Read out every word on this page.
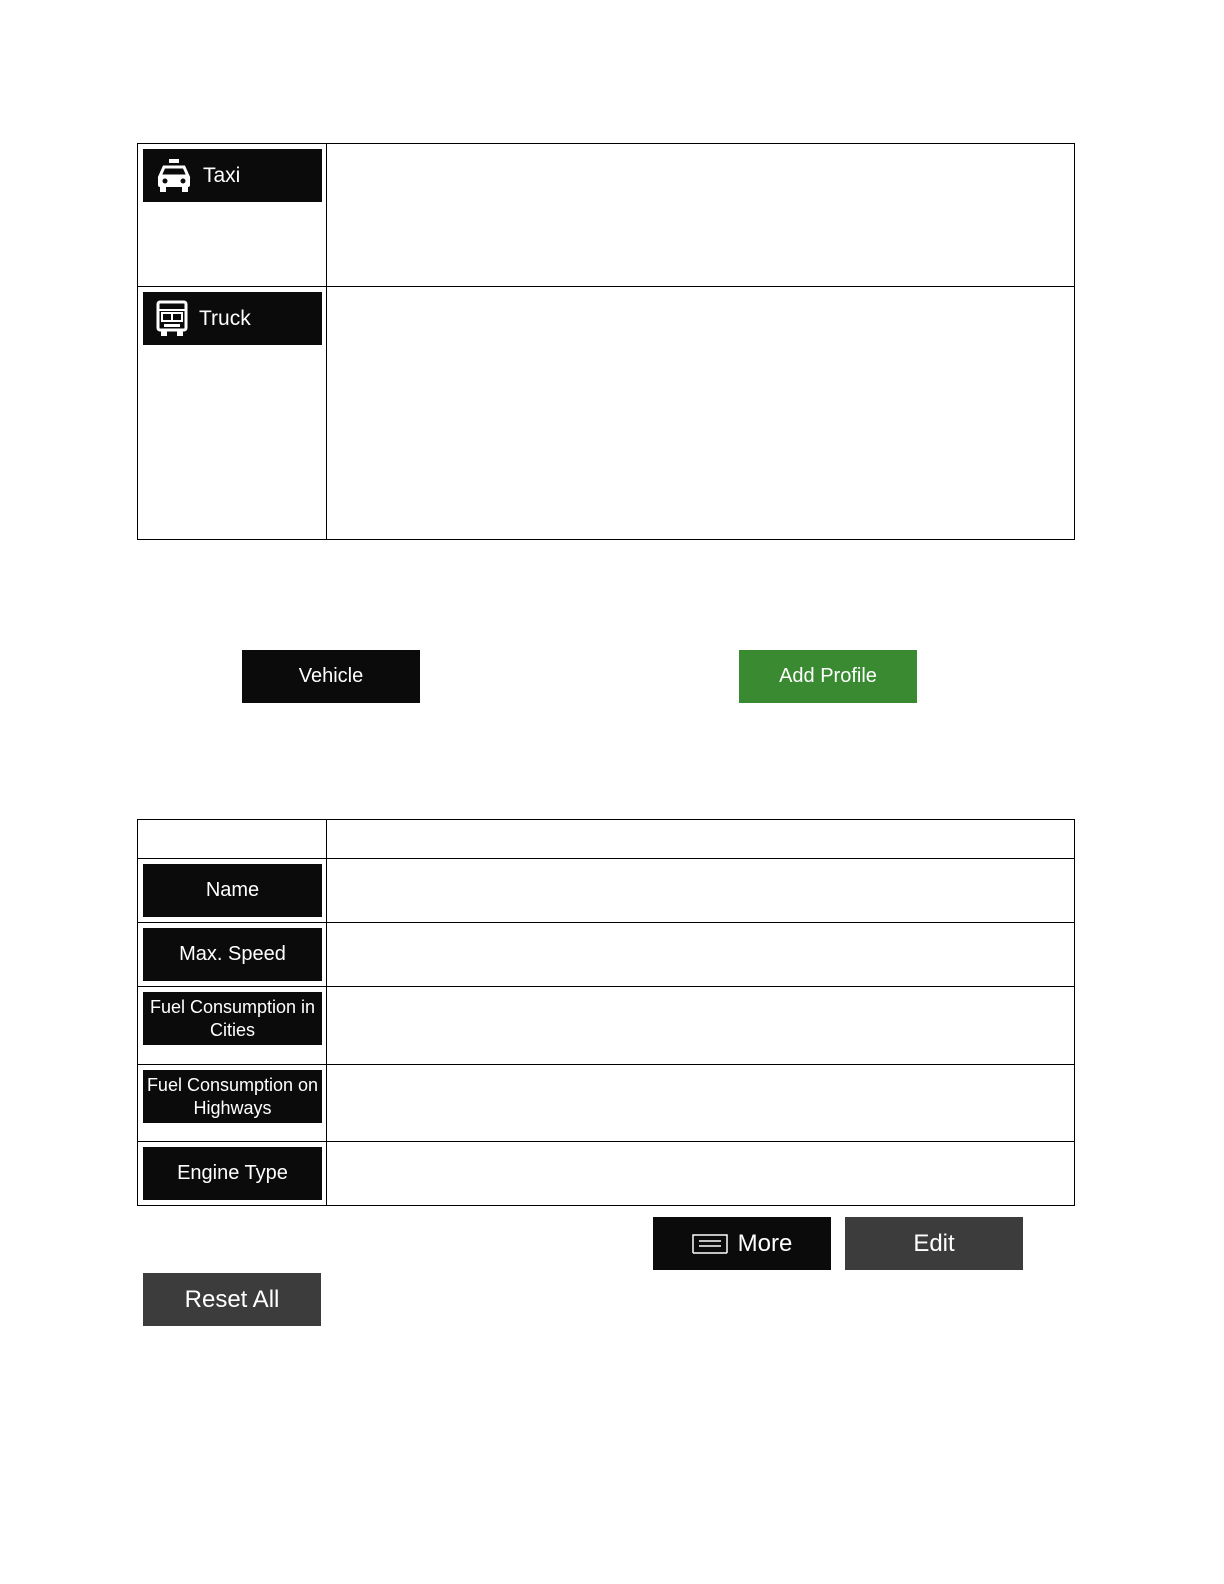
Taxi	

Truck	

Vehicle	Add Profile

Name	

Max. Speed	

Fuel Consumption in Cities	

Fuel Consumption on Highways	

Engine Type	

More	Edit
Reset All
